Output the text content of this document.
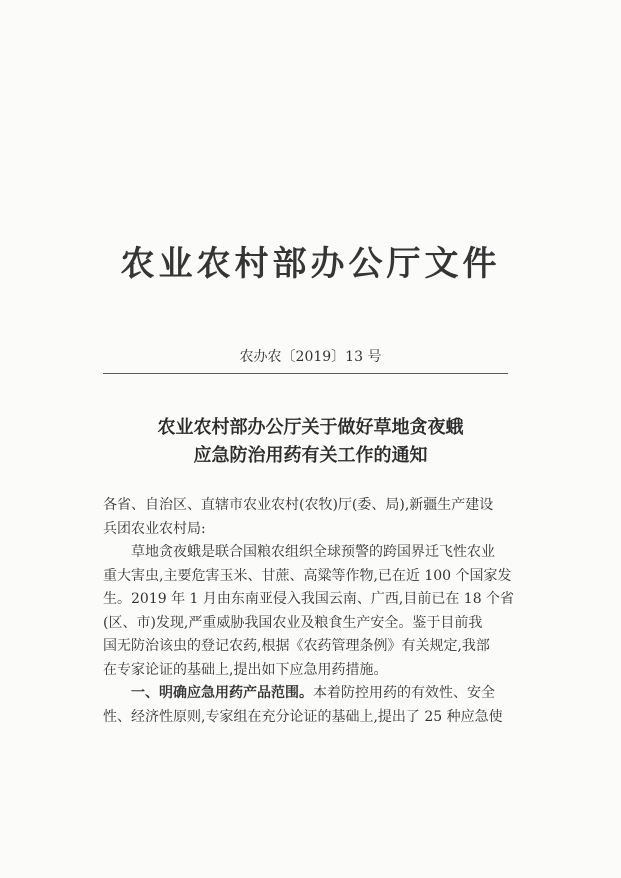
农业农村部办公厅文件
农办农〔2019〕13 号
农业农村部办公厅关于做好草地贪夜蛾
应急防治用药有关工作的通知
各省、自治区、直辖市农业农村(农牧)厅(委、局),新疆生产建设
兵团农业农村局:
草地贪夜蛾是联合国粮农组织全球预警的跨国界迁飞性农业
重大害虫,主要危害玉米、甘蔗、高粱等作物,已在近 100 个国家发
生。2019 年 1 月由东南亚侵入我国云南、广西,目前已在 18 个省
(区、市)发现,严重威胁我国农业及粮食生产安全。鉴于目前我
国无防治该虫的登记农药,根据《农药管理条例》有关规定,我部
在专家论证的基础上,提出如下应急用药措施。
一、明确应急用药产品范围。本着防控用药的有效性、安全
性、经济性原则,专家组在充分论证的基础上,提出了 25 种应急使
